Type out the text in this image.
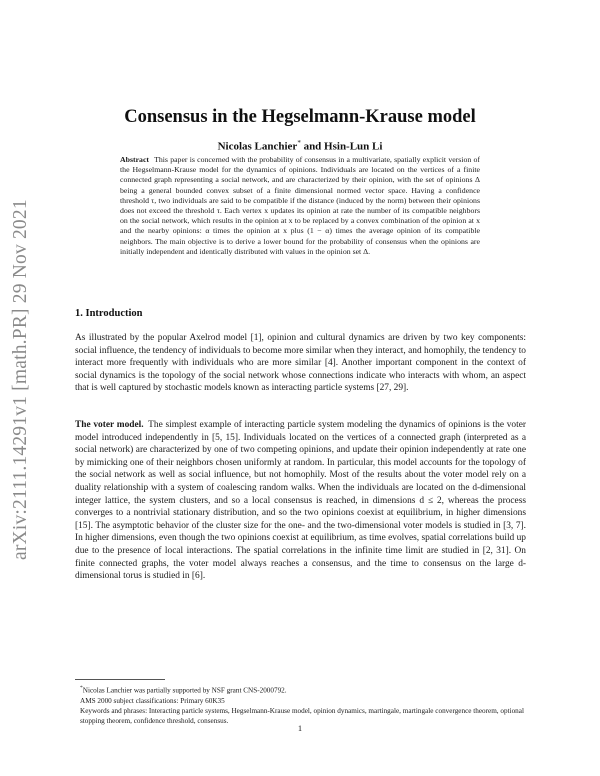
arXiv:2111.14291v1 [math.PR] 29 Nov 2021
Consensus in the Hegselmann-Krause model
Nicolas Lanchier* and Hsin-Lun Li
Abstract This paper is concerned with the probability of consensus in a multivariate, spatially explicit version of the Hegselmann-Krause model for the dynamics of opinions. Individuals are located on the vertices of a finite connected graph representing a social network, and are characterized by their opinion, with the set of opinions Δ being a general bounded convex subset of a finite dimensional normed vector space. Having a confidence threshold τ, two individuals are said to be compatible if the distance (induced by the norm) between their opinions does not exceed the threshold τ. Each vertex x updates its opinion at rate the number of its compatible neighbors on the social network, which results in the opinion at x to be replaced by a convex combination of the opinion at x and the nearby opinions: α times the opinion at x plus (1 − α) times the average opinion of its compatible neighbors. The main objective is to derive a lower bound for the probability of consensus when the opinions are initially independent and identically distributed with values in the opinion set Δ.
1. Introduction
As illustrated by the popular Axelrod model [1], opinion and cultural dynamics are driven by two key components: social influence, the tendency of individuals to become more similar when they interact, and homophily, the tendency to interact more frequently with individuals who are more similar [4]. Another important component in the context of social dynamics is the topology of the social network whose connections indicate who interacts with whom, an aspect that is well captured by stochastic models known as interacting particle systems [27, 29].
The voter model. The simplest example of interacting particle system modeling the dynamics of opinions is the voter model introduced independently in [5, 15]. Individuals located on the vertices of a connected graph (interpreted as a social network) are characterized by one of two competing opinions, and update their opinion independently at rate one by mimicking one of their neighbors chosen uniformly at random. In particular, this model accounts for the topology of the social network as well as social influence, but not homophily. Most of the results about the voter model rely on a duality relationship with a system of coalescing random walks. When the individuals are located on the d-dimensional integer lattice, the system clusters, and so a local consensus is reached, in dimensions d ≤ 2, whereas the process converges to a nontrivial stationary distribution, and so the two opinions coexist at equilibrium, in higher dimensions [15]. The asymptotic behavior of the cluster size for the one- and the two-dimensional voter models is studied in [3, 7]. In higher dimensions, even though the two opinions coexist at equilibrium, as time evolves, spatial correlations build up due to the presence of local interactions. The spatial correlations in the infinite time limit are studied in [2, 31]. On finite connected graphs, the voter model always reaches a consensus, and the time to consensus on the large d-dimensional torus is studied in [6].
*Nicolas Lanchier was partially supported by NSF grant CNS-2000792.
AMS 2000 subject classifications: Primary 60K35
Keywords and phrases: Interacting particle systems, Hegselmann-Krause model, opinion dynamics, martingale, martingale convergence theorem, optional stopping theorem, confidence threshold, consensus.
1
